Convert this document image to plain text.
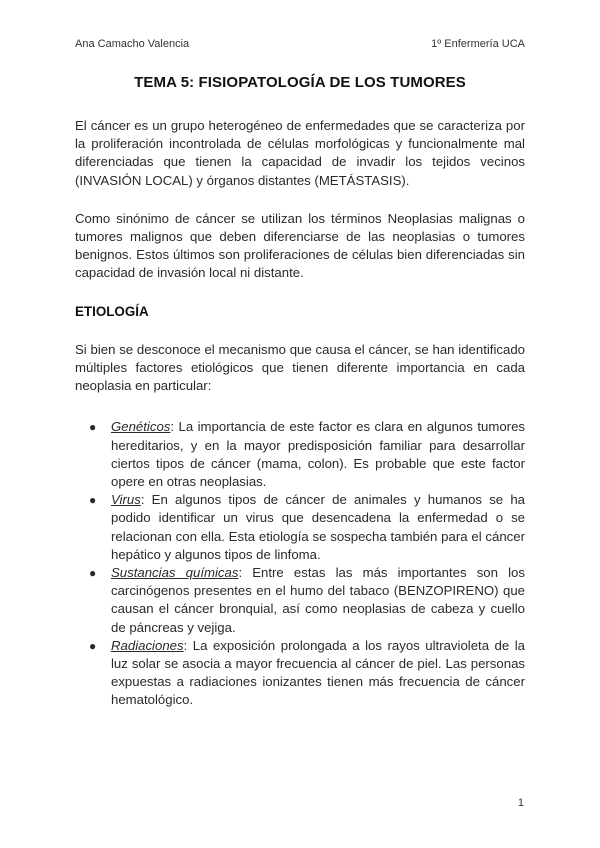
Ana Camacho Valencia	1º Enfermería UCA
TEMA 5: FISIOPATOLOGÍA DE LOS TUMORES

El cáncer es un grupo heterogéneo de enfermedades que se caracteriza por la proliferación incontrolada de células morfológicas y funcionalmente mal diferenciadas que tienen la capacidad de invadir los tejidos vecinos (INVASIÓN LOCAL) y órganos distantes (METÁSTASIS).

Como sinónimo de cáncer se utilizan los términos Neoplasias malignas o tumores malignos que deben diferenciarse de las neoplasias o tumores benignos. Estos últimos son proliferaciones de células bien diferenciadas sin capacidad de invasión local ni distante.

ETIOLOGÍA

Si bien se desconoce el mecanismo que causa el cáncer, se han identificado múltiples factores etiológicos que tienen diferente importancia en cada neoplasia en particular:

● Genéticos: La importancia de este factor es clara en algunos tumores hereditarios, y en la mayor predisposición familiar para desarrollar ciertos tipos de cáncer (mama, colon). Es probable que este factor opere en otras neoplasias.
● Virus: En algunos tipos de cáncer de animales y humanos se ha podido identificar un virus que desencadena la enfermedad o se relacionan con ella. Esta etiología se sospecha también para el cáncer hepático y algunos tipos de linfoma.
● Sustancias químicas: Entre estas las más importantes son los carcinógenos presentes en el humo del tabaco (BENZOPIRENO) que causan el cáncer bronquial, así como neoplasias de cabeza y cuello de páncreas y vejiga.
● Radiaciones: La exposición prolongada a los rayos ultravioleta de la luz solar se asocia a mayor frecuencia al cáncer de piel. Las personas expuestas a radiaciones ionizantes tienen más frecuencia de cáncer hematológico.
1
